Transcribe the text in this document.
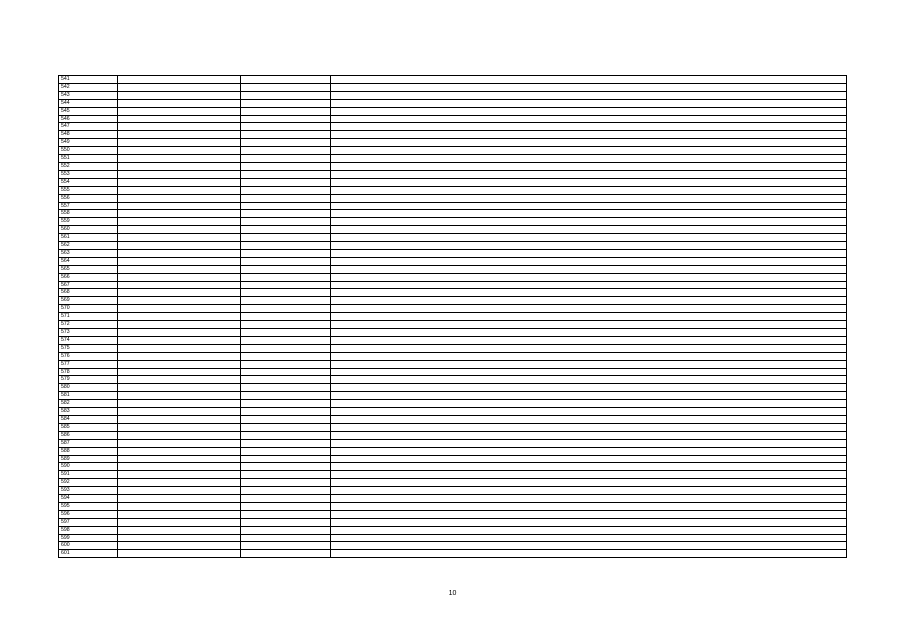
541			
542			
543			
544			
545			
546			
547			
548			
549			
550			
551			
552			
553			
554			
555			
556			
557			
558			
559			
560			
561			
562			
563			
564			
565			
566			
567			
568			
569			
570			
571			
572			
573			
574			
575			
576			
577			
578			
579			
580			
581			
582			
583			
584			
585			
586			
587			
588			
589			
590			
591			
592			
593			
594			
595			
596			
597			
598			
599			
600			
601			
10
